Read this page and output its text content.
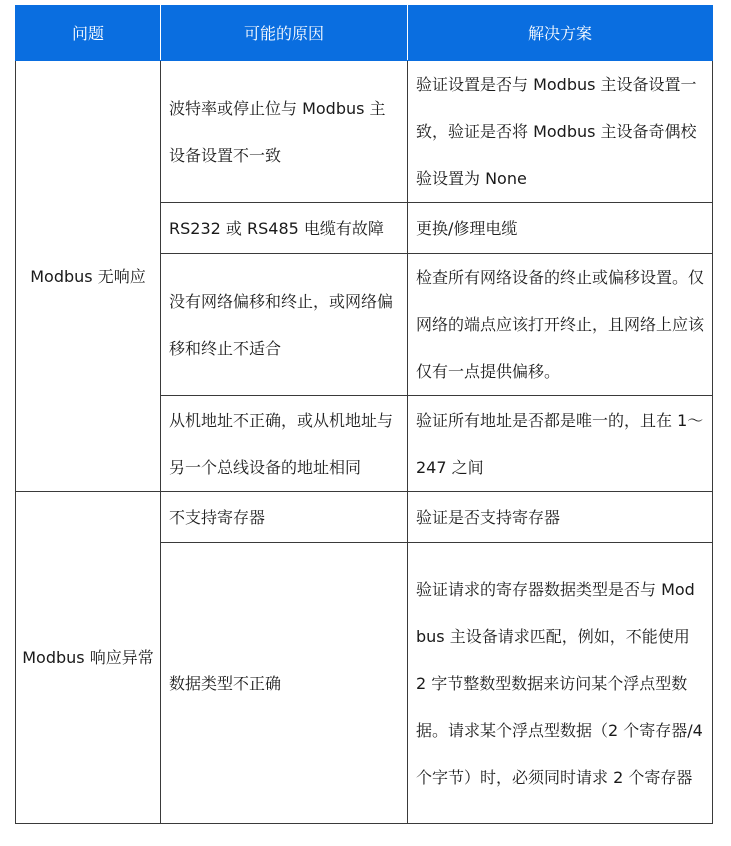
问题	可能的原因	解决方案
Modbus 无响应	波特率或停止位与 Modbus 主设备设置不一致	验证设置是否与 Modbus 主设备设置一致，验证是否将 Modbus 主设备奇偶校验设置为 None
	RS232 或 RS485 电缆有故障	更换/修理电缆
	没有网络偏移和终止，或网络偏移和终止不适合	检查所有网络设备的终止或偏移设置。仅网络的端点应该打开终止，且网络上应该仅有一点提供偏移。
	从机地址不正确，或从机地址与另一个总线设备的地址相同	验证所有地址是否都是唯一的，且在 1～247 之间
Modbus 响应异常	不支持寄存器	验证是否支持寄存器
	数据类型不正确	验证请求的寄存器数据类型是否与 Modbus 主设备请求匹配，例如，不能使用 2 字节整数型数据来访问某个浮点型数据。请求某个浮点型数据（2 个寄存器/4 个字节）时，必须同时请求 2 个寄存器
